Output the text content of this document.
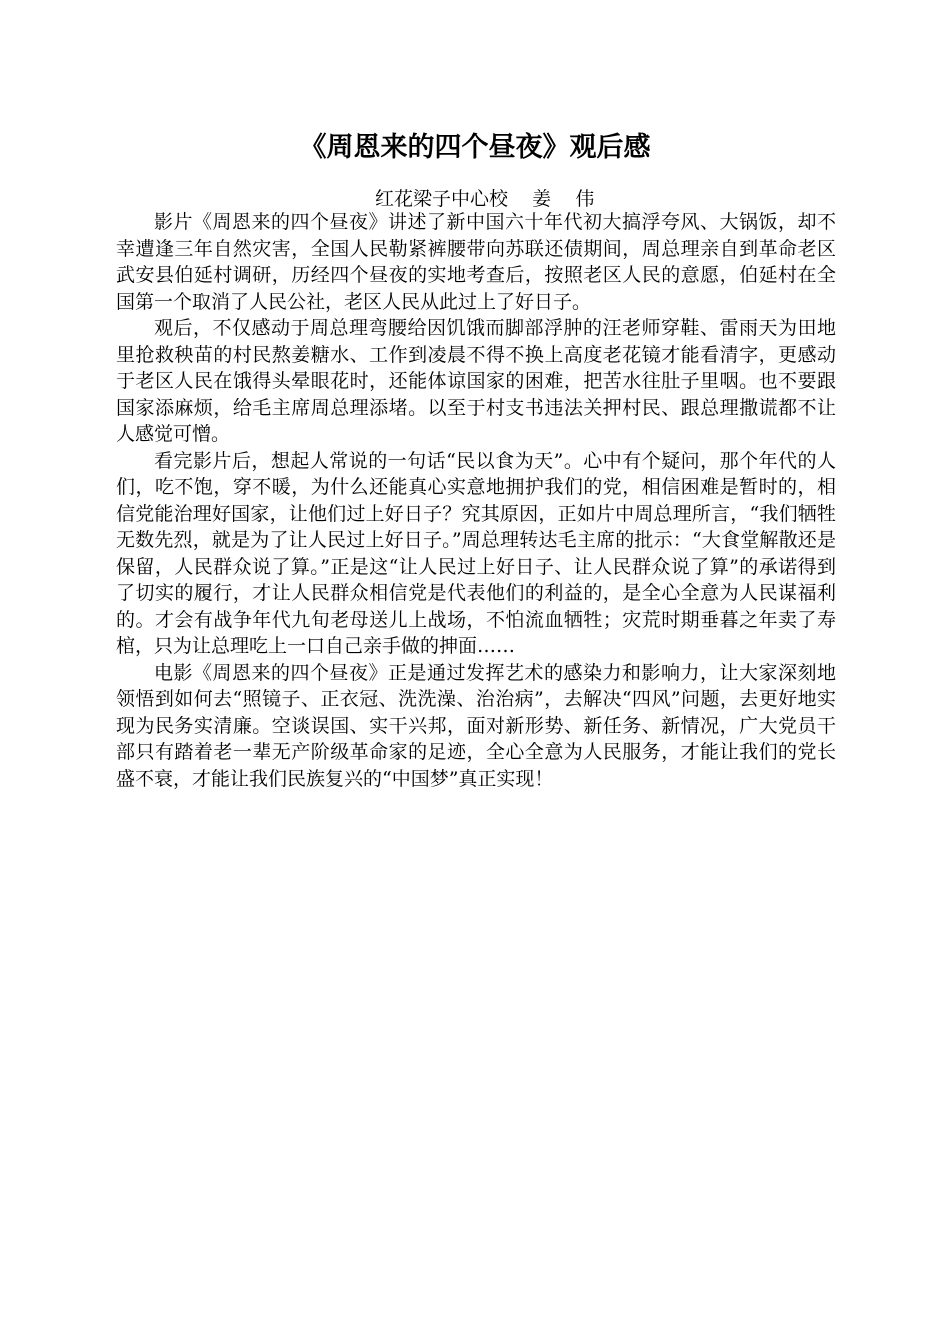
《周恩来的四个昼夜》观后感

红花梁子中心校    姜    伟

影片《周恩来的四个昼夜》讲述了新中国六十年代初大搞浮夸风、大锅饭，却不幸遭逢三年自然灾害，全国人民勒紧裤腰带向苏联还债期间，周总理亲自到革命老区武安县伯延村调研，历经四个昼夜的实地考查后，按照老区人民的意愿，伯延村在全国第一个取消了人民公社，老区人民从此过上了好日子。

观后，不仅感动于周总理弯腰给因饥饿而脚部浮肿的汪老师穿鞋、雷雨天为田地里抢救秧苗的村民熬姜糖水、工作到凌晨不得不换上高度老花镜才能看清字，更感动于老区人民在饿得头晕眼花时，还能体谅国家的困难，把苦水往肚子里咽。也不要跟国家添麻烦，给毛主席周总理添堵。以至于村支书违法关押村民、跟总理撒谎都不让人感觉可憎。

看完影片后，想起人常说的一句话“民以食为天”。心中有个疑问，那个年代的人们，吃不饱，穿不暖，为什么还能真心实意地拥护我们的党，相信困难是暂时的，相信党能治理好国家，让他们过上好日子？究其原因，正如片中周总理所言，“我们牺牲无数先烈，就是为了让人民过上好日子。”周总理转达毛主席的批示：“大食堂解散还是保留，人民群众说了算。”正是这“让人民过上好日子、让人民群众说了算”的承诺得到了切实的履行，才让人民群众相信党是代表他们的利益的，是全心全意为人民谋福利的。才会有战争年代九旬老母送儿上战场，不怕流血牺牲；灾荒时期垂暮之年卖了寿棺，只为让总理吃上一口自己亲手做的抻面……

电影《周恩来的四个昼夜》正是通过发挥艺术的感染力和影响力，让大家深刻地领悟到如何去“照镜子、正衣冠、洗洗澡、治治病”，去解决“四风”问题，去更好地实现为民务实清廉。空谈误国、实干兴邦，面对新形势、新任务、新情况，广大党员干部只有踏着老一辈无产阶级革命家的足迹，全心全意为人民服务，才能让我们的党长盛不衰，才能让我们民族复兴的“中国梦”真正实现！
